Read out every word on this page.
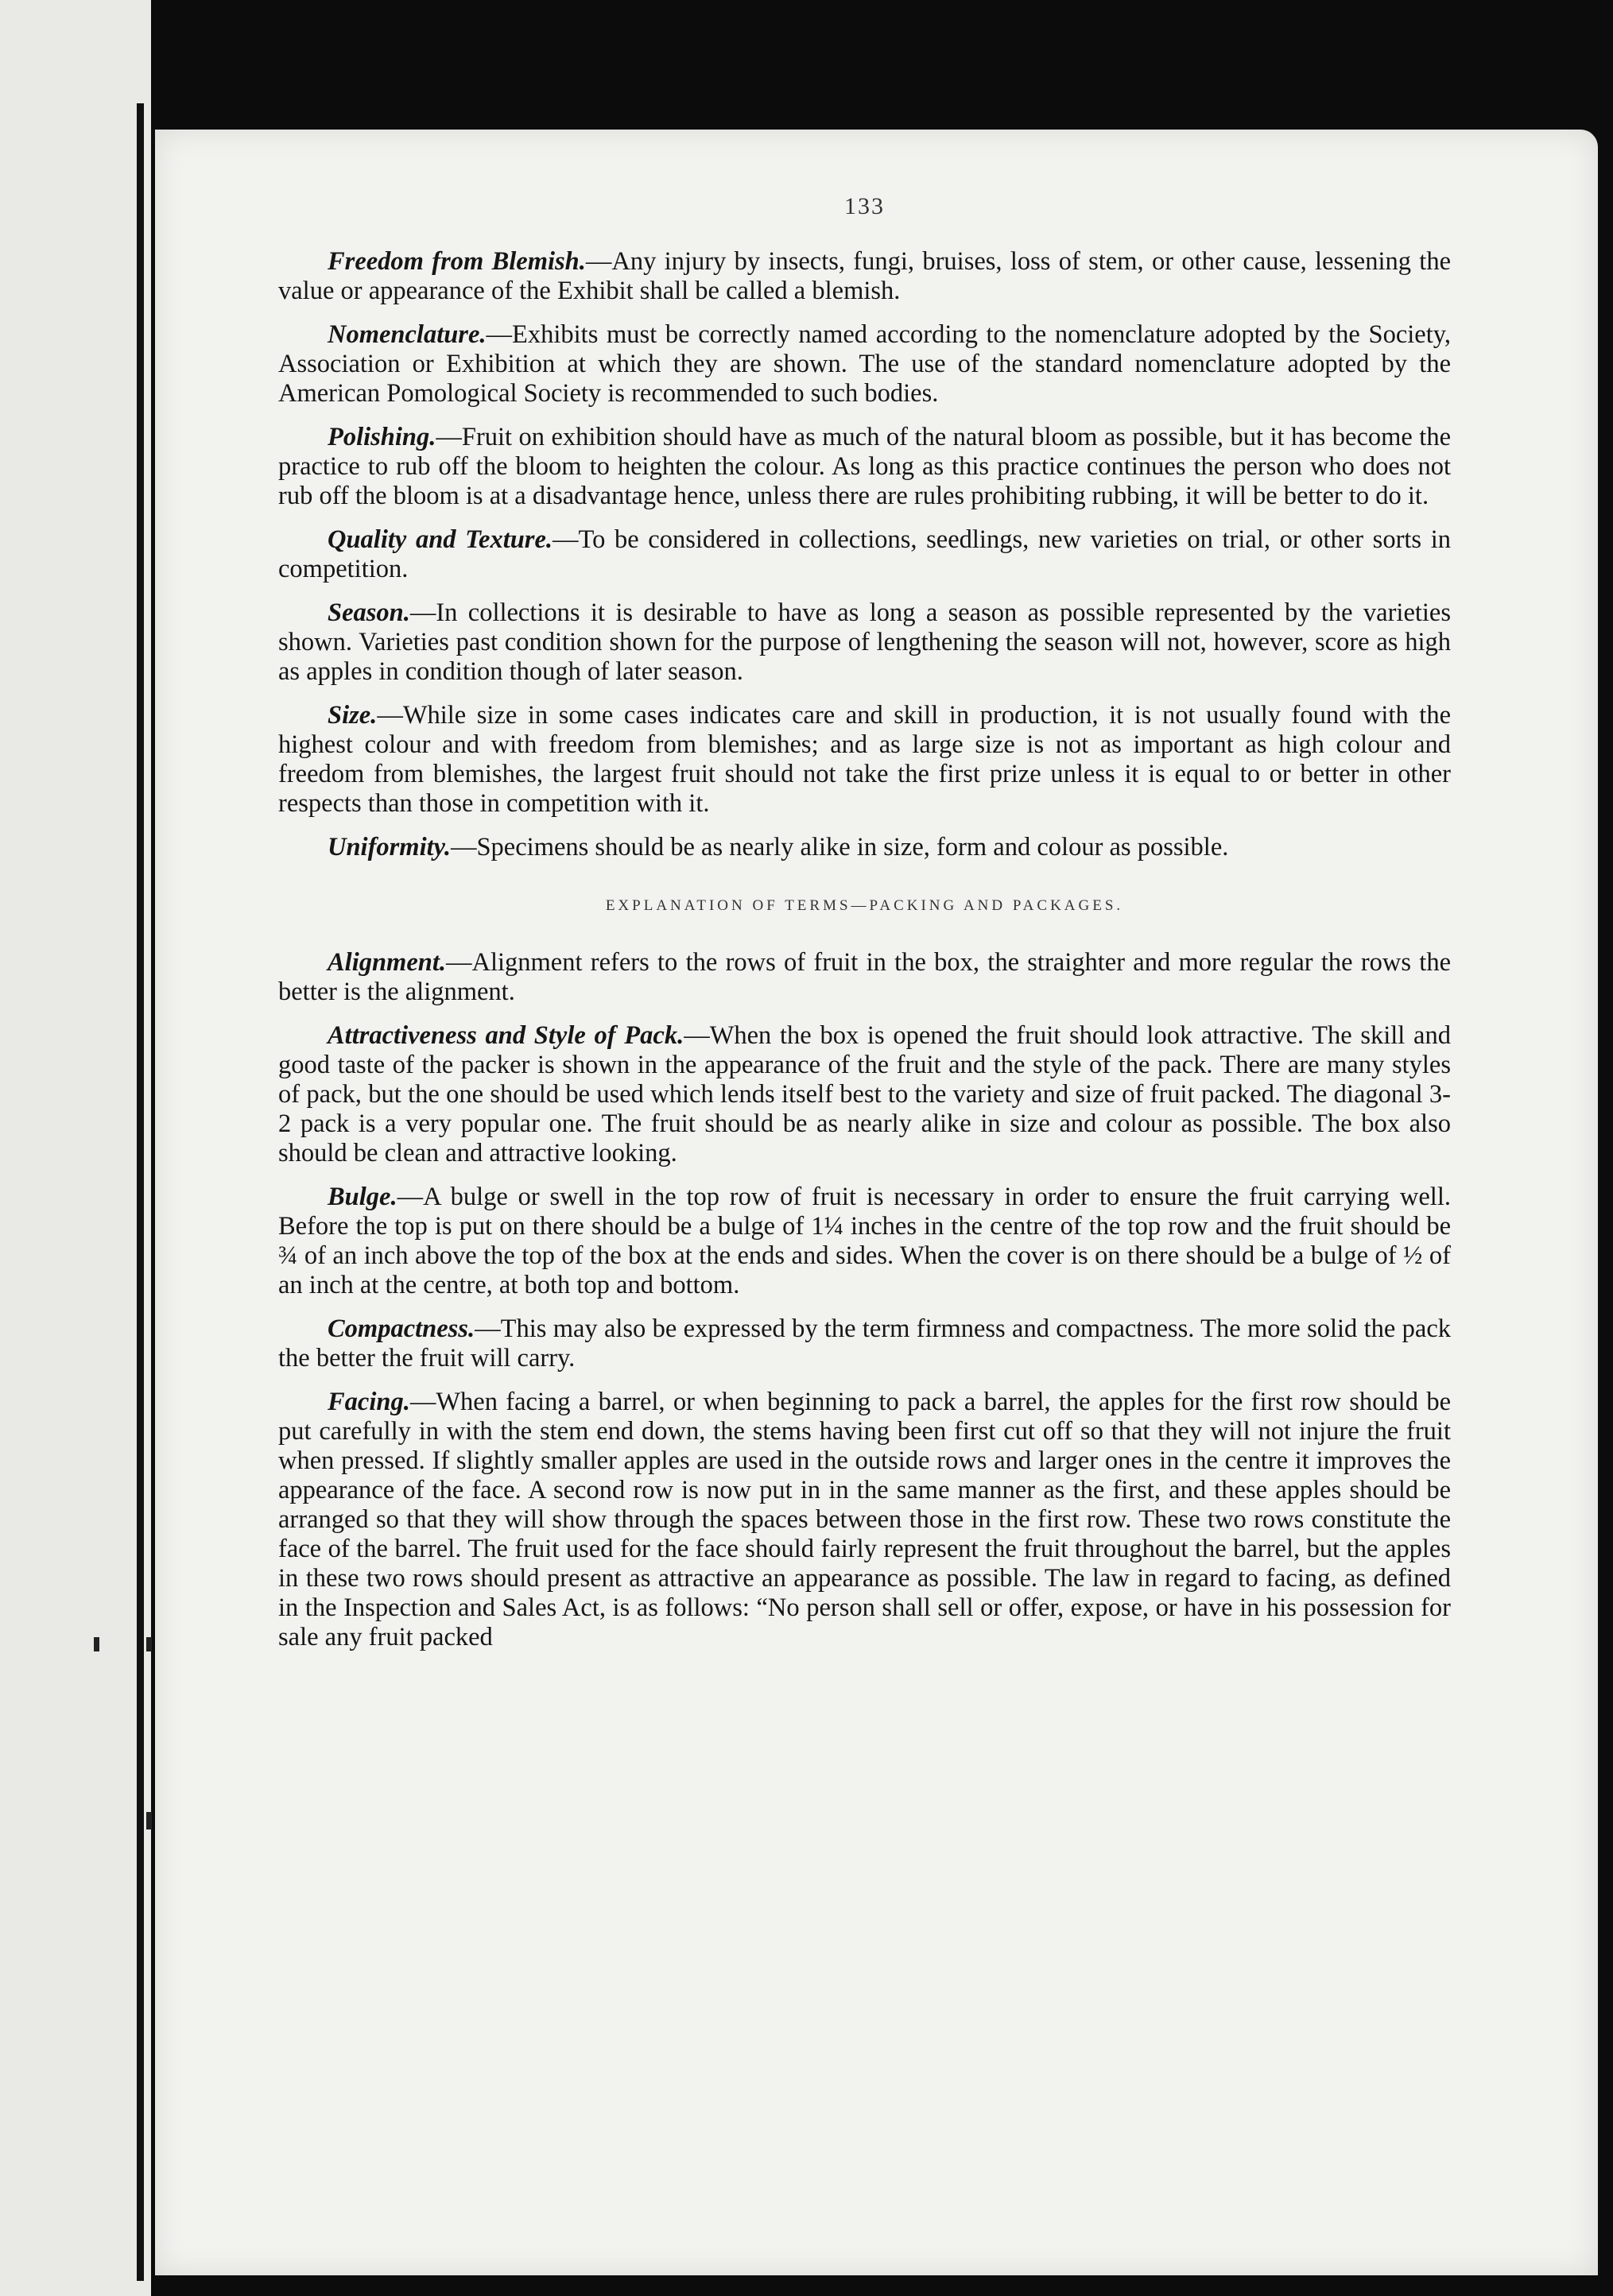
133

Freedom from Blemish.—Any injury by insects, fungi, bruises, loss of stem, or other cause, lessening the value or appearance of the Exhibit shall be called a blemish.

Nomenclature.—Exhibits must be correctly named according to the nomenclature adopted by the Society, Association or Exhibition at which they are shown. The use of the standard nomenclature adopted by the American Pomological Society is recommended to such bodies.

Polishing.—Fruit on exhibition should have as much of the natural bloom as possible, but it has become the practice to rub off the bloom to heighten the colour. As long as this practice continues the person who does not rub off the bloom is at a disadvantage hence, unless there are rules prohibiting rubbing, it will be better to do it.

Quality and Texture.—To be considered in collections, seedlings, new varieties on trial, or other sorts in competition.

Season.—In collections it is desirable to have as long a season as possible represented by the varieties shown. Varieties past condition shown for the purpose of lengthening the season will not, however, score as high as apples in condition though of later season.

Size.—While size in some cases indicates care and skill in production, it is not usually found with the highest colour and with freedom from blemishes; and as large size is not as important as high colour and freedom from blemishes, the largest fruit should not take the first prize unless it is equal to or better in other respects than those in competition with it.

Uniformity.—Specimens should be as nearly alike in size, form and colour as possible.

EXPLANATION OF TERMS—PACKING AND PACKAGES.

Alignment.—Alignment refers to the rows of fruit in the box, the straighter and more regular the rows the better is the alignment.

Attractiveness and Style of Pack.—When the box is opened the fruit should look attractive. The skill and good taste of the packer is shown in the appearance of the fruit and the style of the pack. There are many styles of pack, but the one should be used which lends itself best to the variety and size of fruit packed. The diagonal 3-2 pack is a very popular one. The fruit should be as nearly alike in size and colour as possible. The box also should be clean and attractive looking.

Bulge.—A bulge or swell in the top row of fruit is necessary in order to ensure the fruit carrying well. Before the top is put on there should be a bulge of 1¼ inches in the centre of the top row and the fruit should be ¾ of an inch above the top of the box at the ends and sides. When the cover is on there should be a bulge of ½ of an inch at the centre, at both top and bottom.

Compactness.—This may also be expressed by the term firmness and compactness. The more solid the pack the better the fruit will carry.

Facing.—When facing a barrel, or when beginning to pack a barrel, the apples for the first row should be put carefully in with the stem end down, the stems having been first cut off so that they will not injure the fruit when pressed. If slightly smaller apples are used in the outside rows and larger ones in the centre it improves the appearance of the face. A second row is now put in in the same manner as the first, and these apples should be arranged so that they will show through the spaces between those in the first row. These two rows constitute the face of the barrel. The fruit used for the face should fairly represent the fruit throughout the barrel, but the apples in these two rows should present as attractive an appearance as possible. The law in regard to facing, as defined in the Inspection and Sales Act, is as follows: “No person shall sell or offer, expose, or have in his possession for sale any fruit packed
